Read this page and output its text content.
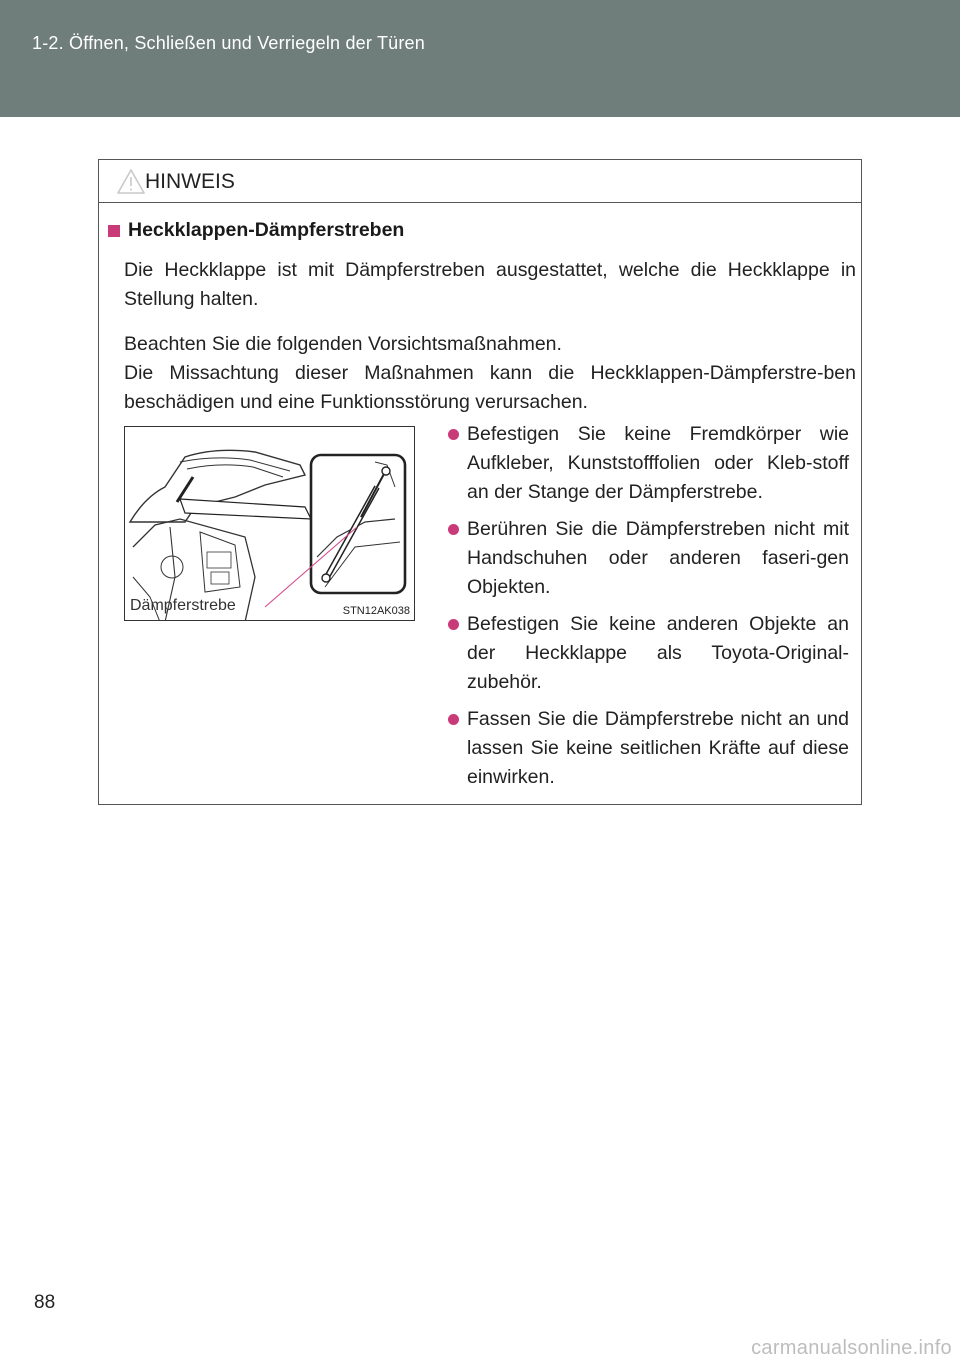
1-2. Öffnen, Schließen und Verriegeln der Türen
HINWEIS
Heckklappen-Dämpferstreben

Die Heckklappe ist mit Dämpferstreben ausgestattet, welche die Heckklappe in Stellung halten.

Beachten Sie die folgenden Vorsichtsmaßnahmen.

Die Missachtung dieser Maßnahmen kann die Heckklappen-Dämpferstre-ben beschädigen und eine Funktionsstörung verursachen.

Dämpferstrebe	STN12AK038
Befestigen Sie keine Fremdkörper wie Aufkleber, Kunststofffolien oder Kleb-stoff an der Stange der Dämpferstrebe.
Berühren Sie die Dämpferstreben nicht mit Handschuhen oder anderen faseri-gen Objekten.
Befestigen Sie keine anderen Objekte an der Heckklappe als Toyota-Original-zubehör.
Fassen Sie die Dämpferstrebe nicht an und lassen Sie keine seitlichen Kräfte auf diese einwirken.
88
carmanualsonline.info
